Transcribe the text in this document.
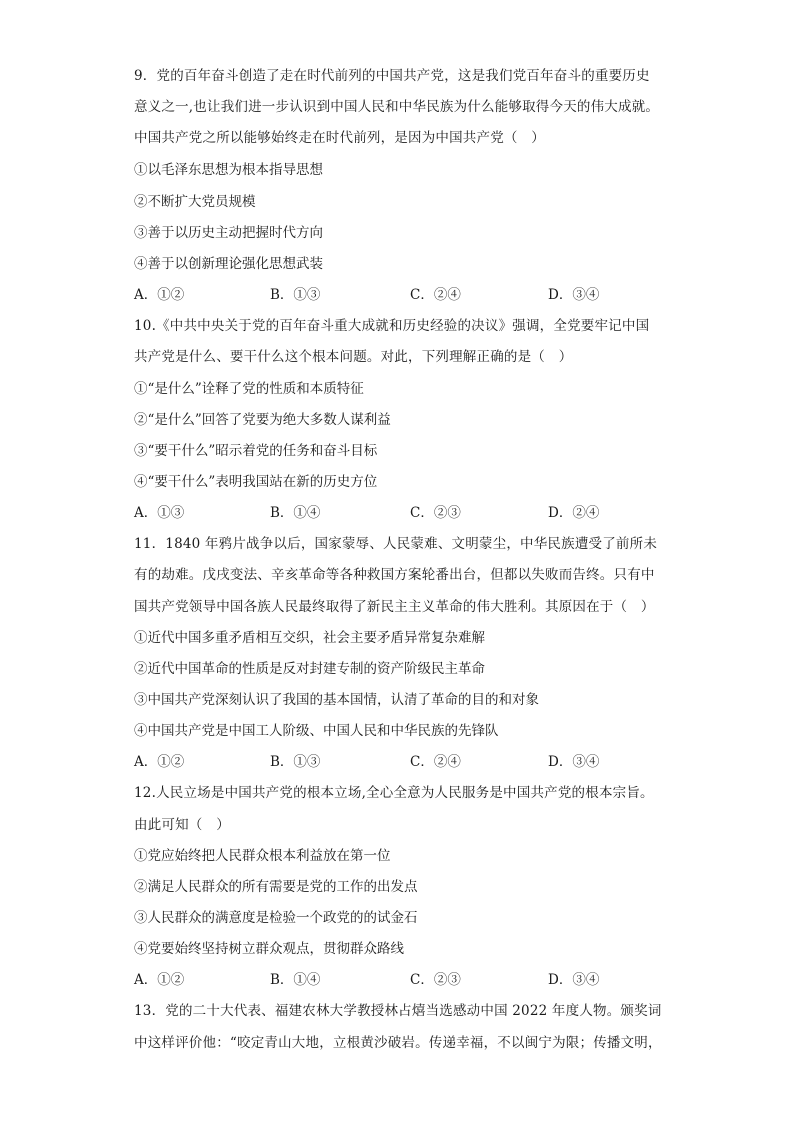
9．党的百年奋斗创造了走在时代前列的中国共产党，这是我们党百年奋斗的重要历史

意义之一,也让我们进一步认识到中国人民和中华民族为什么能够取得今天的伟大成就。

中国共产党之所以能够始终走在时代前列，是因为中国共产党（　）

①以毛泽东思想为根本指导思想

②不断扩大党员规模

③善于以历史主动把握时代方向

④善于以创新理论强化思想武装

A．①②	B．①③	C．②④	D．③④

10.《中共中央关于党的百年奋斗重大成就和历史经验的决议》强调，全党要牢记中国

共产党是什么、要干什么这个根本问题。对此，下列理解正确的是（　）

①“是什么”诠释了党的性质和本质特征

②“是什么”回答了党要为绝大多数人谋利益

③“要干什么”昭示着党的任务和奋斗目标

④“要干什么”表明我国站在新的历史方位

A．①③	B．①④	C．②③	D．②④

11．1840 年鸦片战争以后，国家蒙辱、人民蒙难、文明蒙尘，中华民族遭受了前所未

有的劫难。戊戌变法、辛亥革命等各种救国方案轮番出台，但都以失败而告终。只有中

国共产党领导中国各族人民最终取得了新民主主义革命的伟大胜利。其原因在于（　）

①近代中国多重矛盾相互交织，社会主要矛盾异常复杂难解

②近代中国革命的性质是反对封建专制的资产阶级民主革命

③中国共产党深刻认识了我国的基本国情，认清了革命的目的和对象

④中国共产党是中国工人阶级、中国人民和中华民族的先锋队

A．①②	B．①③	C．②④	D．③④

12.人民立场是中国共产党的根本立场,全心全意为人民服务是中国共产党的根本宗旨。

由此可知（　）

①党应始终把人民群众根本利益放在第一位

②满足人民群众的所有需要是党的工作的出发点

③人民群众的满意度是检验一个政党的的试金石

④党要始终坚持树立群众观点，贯彻群众路线

A．①②	B．①④	C．②③	D．③④

13．党的二十大代表、福建农林大学教授林占熺当选感动中国 2022 年度人物。颁奖词

中这样评价他：“咬定青山大地，立根黄沙破岩。传递幸福，不以闽宁为限；传播文明，
